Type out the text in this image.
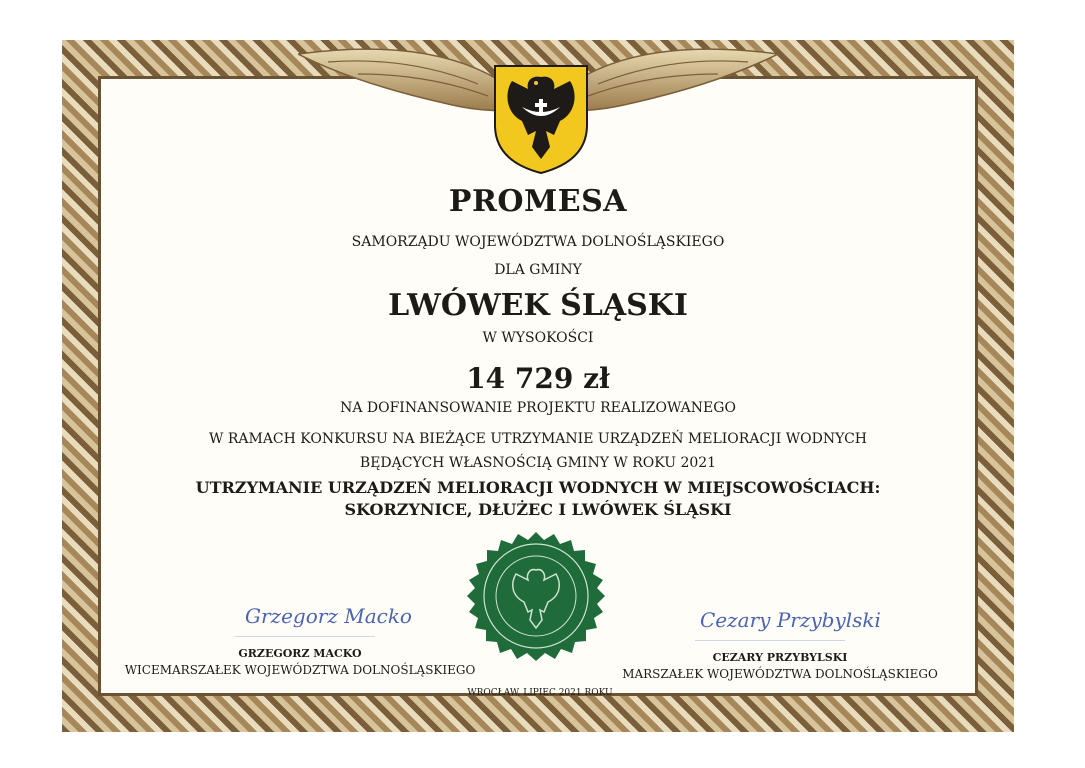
PROMESA
SAMORZĄDU WOJEWÓDZTWA DOLNOŚLĄSKIEGO
DLA GMINY
LWÓWEK ŚLĄSKI
W WYSOKOŚCI
14 729 zł
NA DOFINANSOWANIE PROJEKTU REALIZOWANEGO
W RAMACH KONKURSU NA BIEŻĄCE UTRZYMANIE URZĄDZEŃ MELIORACJI WODNYCH
BĘDĄCYCH WŁASNOŚCIĄ GMINY W ROKU 2021
UTRZYMANIE URZĄDZEŃ MELIORACJI WODNYCH W MIEJSCOWOŚCIACH:
SKORZYNICE, DŁUŻEC I LWÓWEK ŚLĄSKI
Grzegorz Macko	Cezary Przybylski
GRZEGORZ MACKO
WICEMARSZAŁEK WOJEWÓDZTWA DOLNOŚLĄSKIEGO
CEZARY PRZYBYLSKI
MARSZAŁEK WOJEWÓDZTWA DOLNOŚLĄSKIEGO
WROCŁAW, LIPIEC 2021 ROKU
